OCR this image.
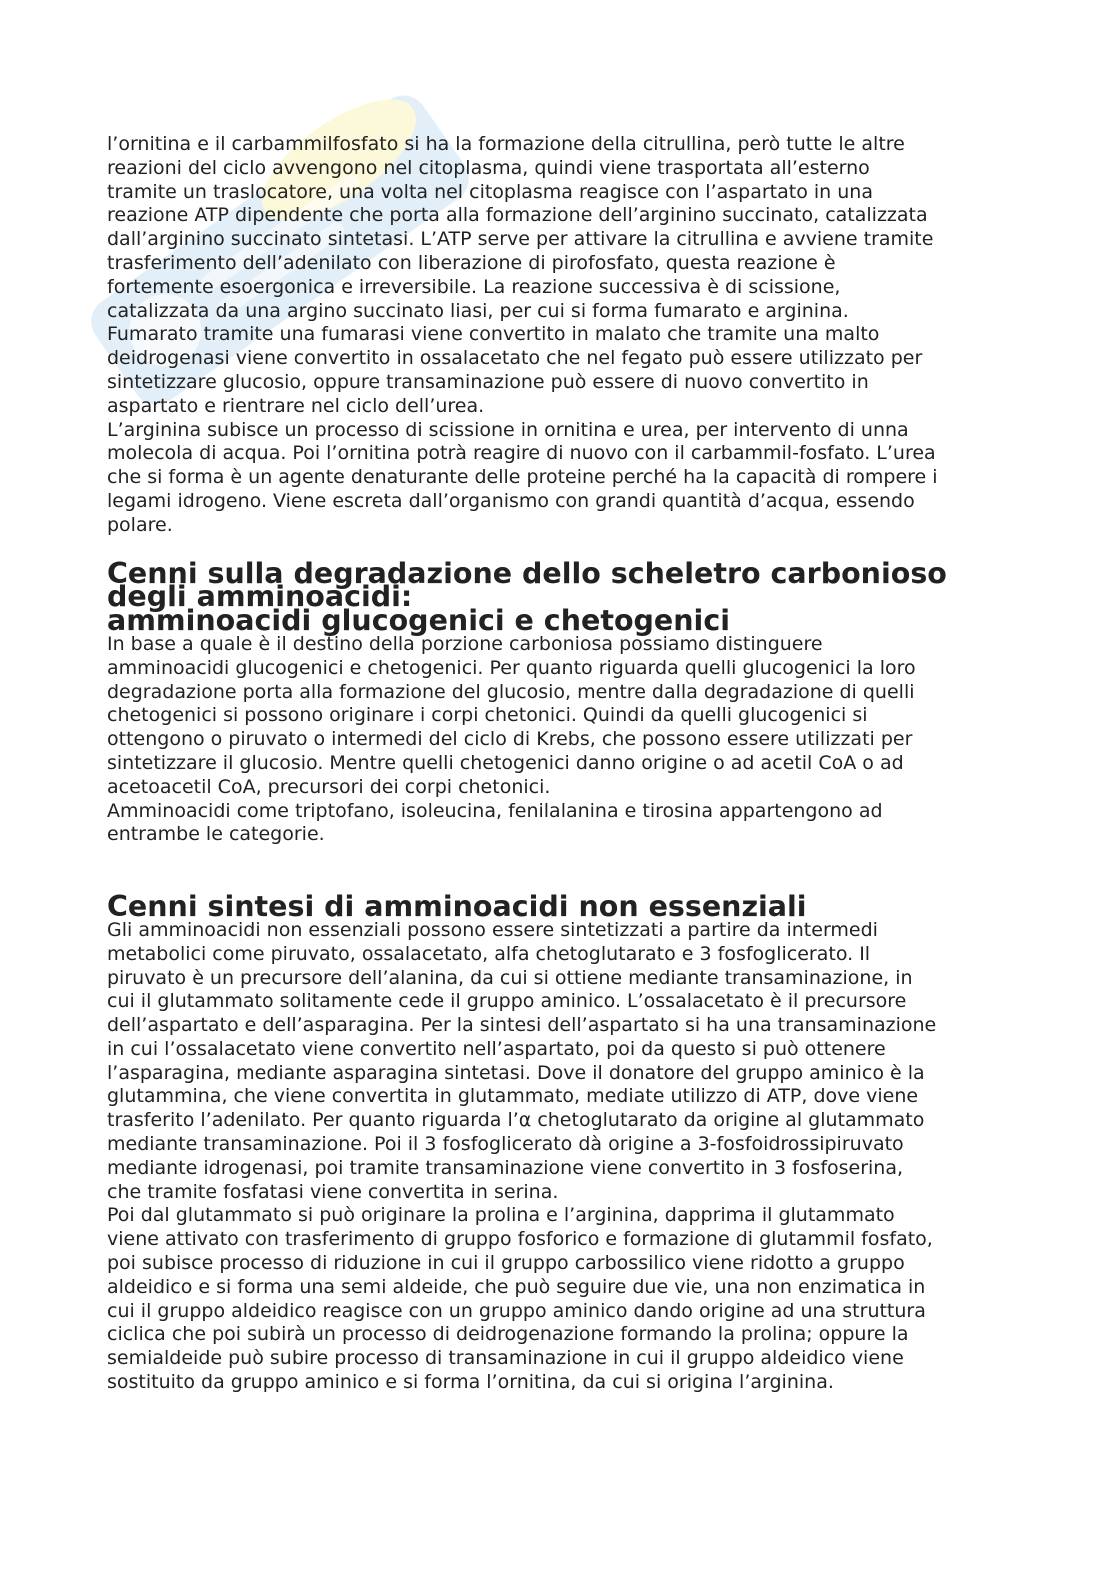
l’ornitina e il carbammilfosfato si ha la formazione della citrullina, però tutte le altre
reazioni del ciclo avvengono nel citoplasma, quindi viene trasportata all’esterno
tramite un traslocatore, una volta nel citoplasma reagisce con l’aspartato in una
reazione ATP dipendente che porta alla formazione dell’arginino succinato, catalizzata
dall’arginino succinato sintetasi. L’ATP serve per attivare la citrullina e avviene tramite
trasferimento dell’adenilato con liberazione di pirofosfato, questa reazione è
fortemente esoergonica e irreversibile. La reazione successiva è di scissione,
catalizzata da una argino succinato liasi, per cui si forma fumarato e arginina.
Fumarato tramite una fumarasi viene convertito in malato che tramite una malto
deidrogenasi viene convertito in ossalacetato che nel fegato può essere utilizzato per
sintetizzare glucosio, oppure transaminazione può essere di nuovo convertito in
aspartato e rientrare nel ciclo dell’urea.

L’arginina subisce un processo di scissione in ornitina e urea, per intervento di unna
molecola di acqua. Poi l’ornitina potrà reagire di nuovo con il carbammil-fosfato. L’urea
che si forma è un agente denaturante delle proteine perché ha la capacità di rompere i
legami idrogeno. Viene escreta dall’organismo con grandi quantità d’acqua, essendo
polare.

Cenni sulla degradazione dello scheletro carbonioso degli amminoacidi:
amminoacidi glucogenici e chetogenici

In base a quale è il destino della porzione carboniosa possiamo distinguere
amminoacidi glucogenici e chetogenici. Per quanto riguarda quelli glucogenici la loro
degradazione porta alla formazione del glucosio, mentre dalla degradazione di quelli
chetogenici si possono originare i corpi chetonici. Quindi da quelli glucogenici si
ottengono o piruvato o intermedi del ciclo di Krebs, che possono essere utilizzati per
sintetizzare il glucosio. Mentre quelli chetogenici danno origine o ad acetil CoA o ad
acetoacetil CoA, precursori dei corpi chetonici.

Amminoacidi come triptofano, isoleucina, fenilalanina e tirosina appartengono ad
entrambe le categorie.

Cenni sintesi di amminoacidi non essenziali

Gli amminoacidi non essenziali possono essere sintetizzati a partire da intermedi
metabolici come piruvato, ossalacetato, alfa chetoglutarato e 3 fosfoglicerato. Il
piruvato è un precursore dell’alanina, da cui si ottiene mediante transaminazione, in
cui il glutammato solitamente cede il gruppo aminico. L’ossalacetato è il precursore
dell’aspartato e dell’asparagina. Per la sintesi dell’aspartato si ha una transaminazione
in cui l’ossalacetato viene convertito nell’aspartato, poi da questo si può ottenere
l’asparagina, mediante asparagina sintetasi. Dove il donatore del gruppo aminico è la
glutammina, che viene convertita in glutammato, mediate utilizzo di ATP, dove viene
trasferito l’adenilato. Per quanto riguarda l’α chetoglutarato da origine al glutammato
mediante transaminazione. Poi il 3 fosfoglicerato dà origine a 3-fosfoidrossipiruvato
mediante idrogenasi, poi tramite transaminazione viene convertito in 3 fosfoserina,
che tramite fosfatasi viene convertita in serina.

Poi dal glutammato si può originare la prolina e l’arginina, dapprima il glutammato
viene attivato con trasferimento di gruppo fosforico e formazione di glutammil fosfato,
poi subisce processo di riduzione in cui il gruppo carbossilico viene ridotto a gruppo
aldeidico e si forma una semi aldeide, che può seguire due vie, una non enzimatica in
cui il gruppo aldeidico reagisce con un gruppo aminico dando origine ad una struttura
ciclica che poi subirà un processo di deidrogenazione formando la prolina; oppure la
semialdeide può subire processo di transaminazione in cui il gruppo aldeidico viene
sostituito da gruppo aminico e si forma l’ornitina, da cui si origina l’arginina.
